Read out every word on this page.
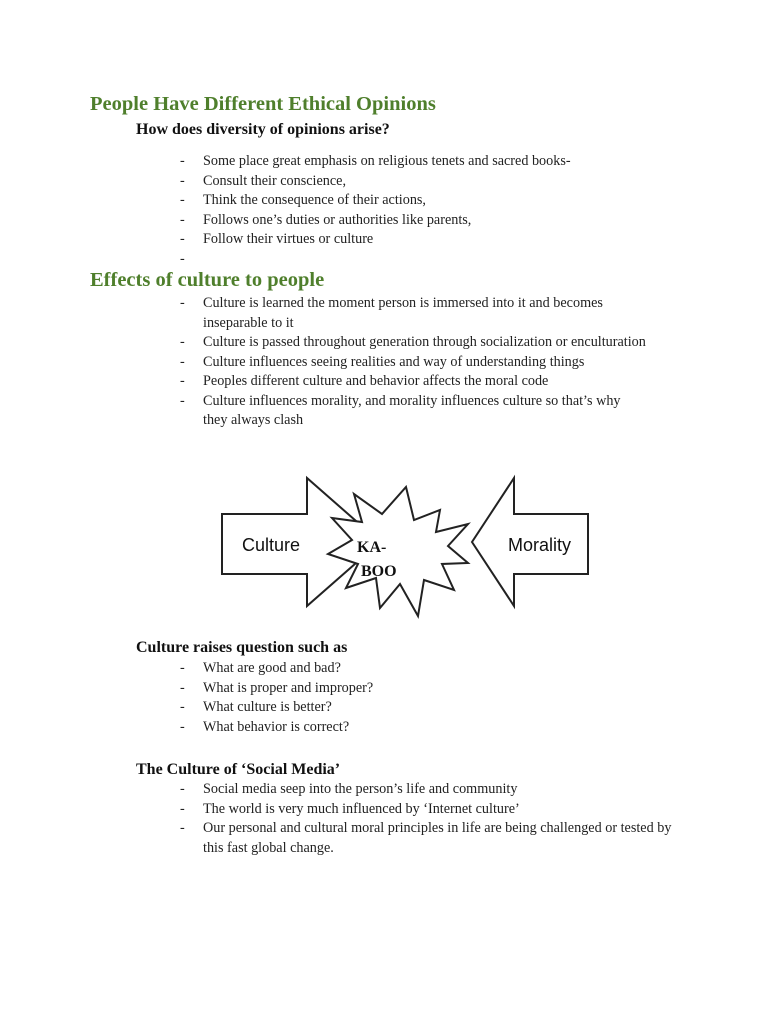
People Have Different Ethical Opinions
How does diversity of opinions arise?
- Some place great emphasis on religious tenets and sacred books-
- Consult their conscience,
- Think the consequence of their actions,
- Follows one’s duties or authorities like parents,
- Follow their virtues or culture
-
Effects of culture to people
- Culture is learned the moment person is immersed into it and becomes inseparable to it
- Culture is passed throughout generation through socialization or enculturation
- Culture influences seeing realities and way of understanding things
- Peoples different culture and behavior affects the moral code
- Culture influences morality, and morality influences culture so that’s why they always clash
Culture	Morality
KA-
BOO
Culture raises question such as
- What are good and bad?
- What is proper and improper?
- What culture is better?
- What behavior is correct?
The Culture of ‘Social Media’
- Social media seep into the person’s life and community
- The world is very much influenced by ‘Internet culture’
- Our personal and cultural moral principles in life are being challenged or tested by this fast global change.
